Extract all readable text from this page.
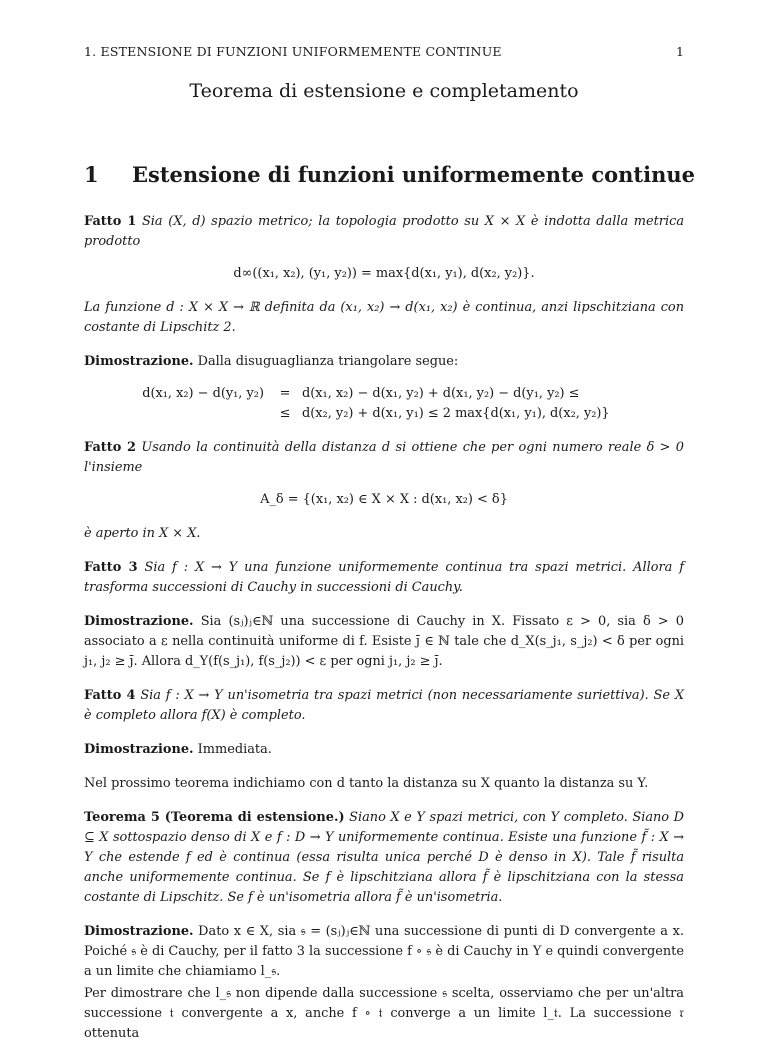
1. ESTENSIONE DI FUNZIONI UNIFORMEMENTE CONTINUE	1
Teorema di estensione e completamento
1 Estensione di funzioni uniformemente continue

Fatto 1 Sia (X, d) spazio metrico; la topologia prodotto su X × X è indotta dalla metrica prodotto

d∞((x₁, x₂), (y₁, y₂)) = max{d(x₁, y₁), d(x₂, y₂)}.

La funzione d : X × X → ℝ definita da (x₁, x₂) → d(x₁, x₂) è continua, anzi lipschitziana con costante di Lipschitz 2.

Dimostrazione. Dalla disuguaglianza triangolare segue:

d(x₁, x₂) − d(y₁, y₂)	= d(x₁, x₂) − d(x₁, y₂) + d(x₁, y₂) − d(y₁, y₂) ≤
≤ d(x₂, y₂) + d(x₁, y₁) ≤ 2 max{d(x₁, y₁), d(x₂, y₂)}

Fatto 2 Usando la continuità della distanza d si ottiene che per ogni numero reale δ > 0 l'insieme

A_δ = {(x₁, x₂) ∈ X × X : d(x₁, x₂) < δ}

è aperto in X × X.

Fatto 3 Sia f : X → Y una funzione uniformemente continua tra spazi metrici. Allora f trasforma successioni di Cauchy in successioni di Cauchy.

Dimostrazione. Sia (sⱼ)ⱼ∈ℕ una successione di Cauchy in X. Fissato ε > 0, sia δ > 0 associato a ε nella continuità uniforme di f. Esiste j̄ ∈ ℕ tale che d_X(s_j₁, s_j₂) < δ per ogni j₁, j₂ ≥ j̄. Allora d_Y(f(s_j₁), f(s_j₂)) < ε per ogni j₁, j₂ ≥ j̄.

Fatto 4 Sia f : X → Y un'isometria tra spazi metrici (non necessariamente suriettiva). Se X è completo allora f(X) è completo.

Dimostrazione. Immediata.

Nel prossimo teorema indichiamo con d tanto la distanza su X quanto la distanza su Y.

Teorema 5 (Teorema di estensione.) Siano X e Y spazi metrici, con Y completo. Siano D ⊆ X sottospazio denso di X e f : D → Y uniformemente continua. Esiste una funzione f̃ : X → Y che estende f ed è continua (essa risulta unica perché D è denso in X). Tale f̃ risulta anche uniformemente continua. Se f è lipschitziana allora f̃ è lipschitziana con la stessa costante di Lipschitz. Se f è un'isometria allora f̃ è un'isometria.

Dimostrazione. Dato x ∈ X, sia 𝔰 = (sⱼ)ⱼ∈ℕ una successione di punti di D convergente a x. Poiché 𝔰 è di Cauchy, per il fatto 3 la successione f ∘ 𝔰 è di Cauchy in Y e quindi convergente a un limite che chiamiamo l_𝔰.

Per dimostrare che l_𝔰 non dipende dalla successione 𝔰 scelta, osserviamo che per un'altra successione 𝔱 convergente a x, anche f ∘ 𝔱 converge a un limite l_𝔱. La successione 𝔯 ottenuta
